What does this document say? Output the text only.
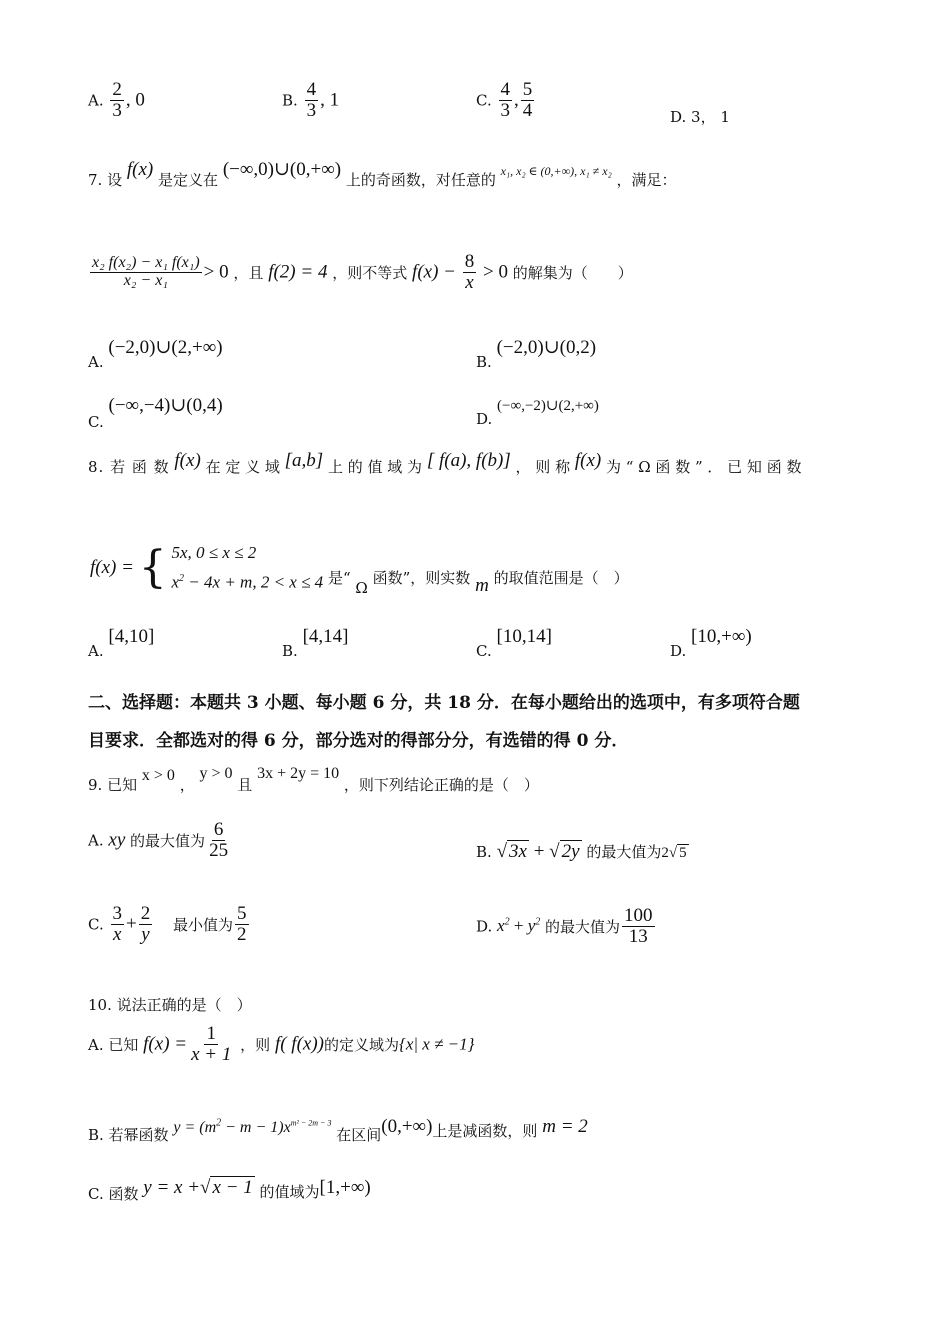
A. $\frac{2}{3}$ , 0	B. $\frac{4}{3}$ , 1	C. $\frac{4}{3}$ , $\frac{5}{4}$	D. 3， 1
7. 设 f(x) 是定义在 (−∞,0)∪(0,+∞) 上的奇函数，对任意的 $^{x_1, x_2 \in (0,+\infty), x_1 \ne x_2}$ ，满足：
$\frac{\text{x₂ f(x₂) − x₁ f(x₁)}}{\text{x₂ − x₁}} > 0$ ，且 f(2) = 4 ，则不等式 $f(x) - \frac{8}{x} > 0$ 的解集为（　　）
A. (−2,0)∪(2,+∞)
B. (−2,0)∪(0,2)
C. (−∞,−4)∪(0,4)
D. (−∞,−2)∪(2,+∞)
8. 若 函 数 f(x) 在 定 义 域 [a,b] 上 的 值 域 为 [ f(a), f(b)] ， 则 称 f(x) 为 “ Ω 函 数 ” ． 已 知 函 数
f(x) = { 5x, 0 ≤ x ≤ 2
$x^2 - 4x + m$, 2 < x ≤ 4 是“ Ω 函数”，则实数 m 的取值范围是（　）
A. [4,10]
B. [4,14]
C. [10,14]
D. [10,+∞)
二、选择题：本题共 3 小题、每小题 6 分，共 18 分．在每小题给出的选项中，有多项符合题
目要求．全都选对的得 6 分，部分选对的得部分分，有选错的得 0 分．
9. 已知 x > 0 ， y > 0 且 3x + 2y = 10 ，则下列结论正确的是（　）
A. xy 的最大值为 $\frac{6}{25}$	B. √ 3x + √ 2y 的最大值为2√ 5
C. $\frac{3}{x} + \frac{2}{y}$ 最小值为 $\frac{5}{2}$	D. $x^2 + y^2$ 的最大值为 $\frac{100}{13}$
10. 说法正确的是（　）
A. 已知 $f(x) = \frac{1}{x + 1}$ ，则 f( f(x))的定义域为{x| x ≠ −1}
B. 若幂函数 $y = (m^2 - m - 1)x^{m^2 - 2m - 3}$ 在区间(0,+∞)上是减函数，则 m = 2
C. 函数 y = x +√ x − 1 的值域为[1,+∞)
